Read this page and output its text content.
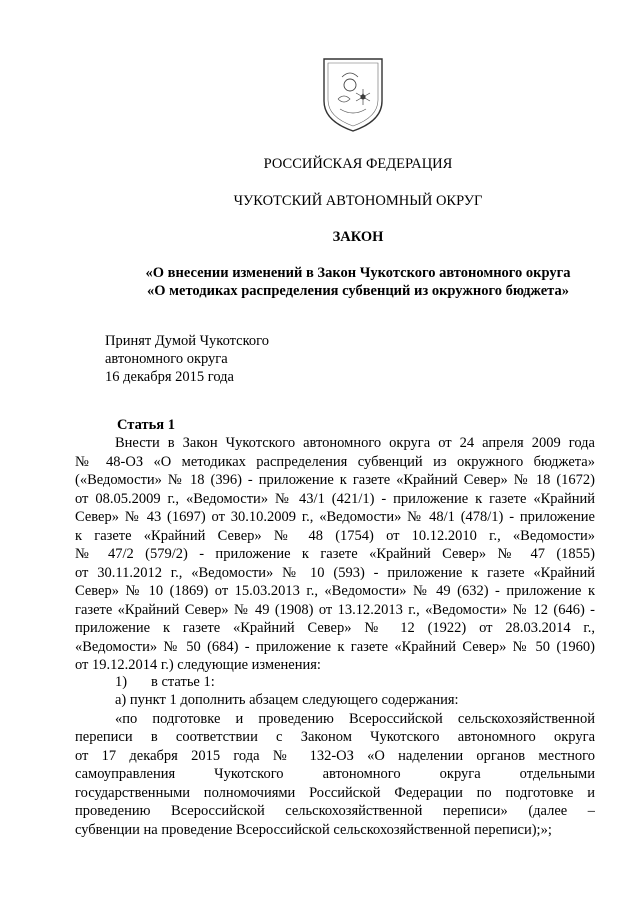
РОССИЙСКАЯ ФЕДЕРАЦИЯ
ЧУКОТСКИЙ АВТОНОМНЫЙ ОКРУГ
ЗАКОН
«О внесении изменений в Закон Чукотского автономного округа
«О методиках распределения субвенций из окружного бюджета»
Принят Думой Чукотского
автономного округа
16 декабря 2015 года
Статья 1
Внести в Закон Чукотского автономного округа от 24 апреля 2009 года
№ 48-ОЗ «О методиках распределения субвенций из окружного бюджета»
(«Ведомости» № 18 (396) - приложение к газете «Крайний Север» № 18 (1672)
от 08.05.2009 г., «Ведомости» № 43/1 (421/1) - приложение к газете «Крайний
Север» № 43 (1697) от 30.10.2009 г., «Ведомости» № 48/1 (478/1) - приложение
к газете «Крайний Север» № 48 (1754) от 10.12.2010 г., «Ведомости»
№ 47/2 (579/2) - приложение к газете «Крайний Север» № 47 (1855)
от 30.11.2012 г., «Ведомости» № 10 (593) - приложение к газете «Крайний
Север» № 10 (1869) от 15.03.2013 г., «Ведомости» № 49 (632) - приложение к
газете «Крайний Север» № 49 (1908) от 13.12.2013 г., «Ведомости» № 12 (646) -
приложение к газете «Крайний Север» № 12 (1922) от 28.03.2014 г.,
«Ведомости» № 50 (684) - приложение к газете «Крайний Север» № 50 (1960)
от 19.12.2014 г.) следующие изменения:
1) в статье 1:
а) пункт 1 дополнить абзацем следующего содержания:
«по подготовке и проведению Всероссийской сельскохозяйственной
переписи в соответствии с Законом Чукотского автономного округа
от 17 декабря 2015 года № 132-ОЗ «О наделении органов местного
самоуправления Чукотского автономного округа отдельными
государственными полномочиями Российской Федерации по подготовке и
проведению Всероссийской сельскохозяйственной переписи» (далее –
субвенции на проведение Всероссийской сельскохозяйственной переписи);»;
